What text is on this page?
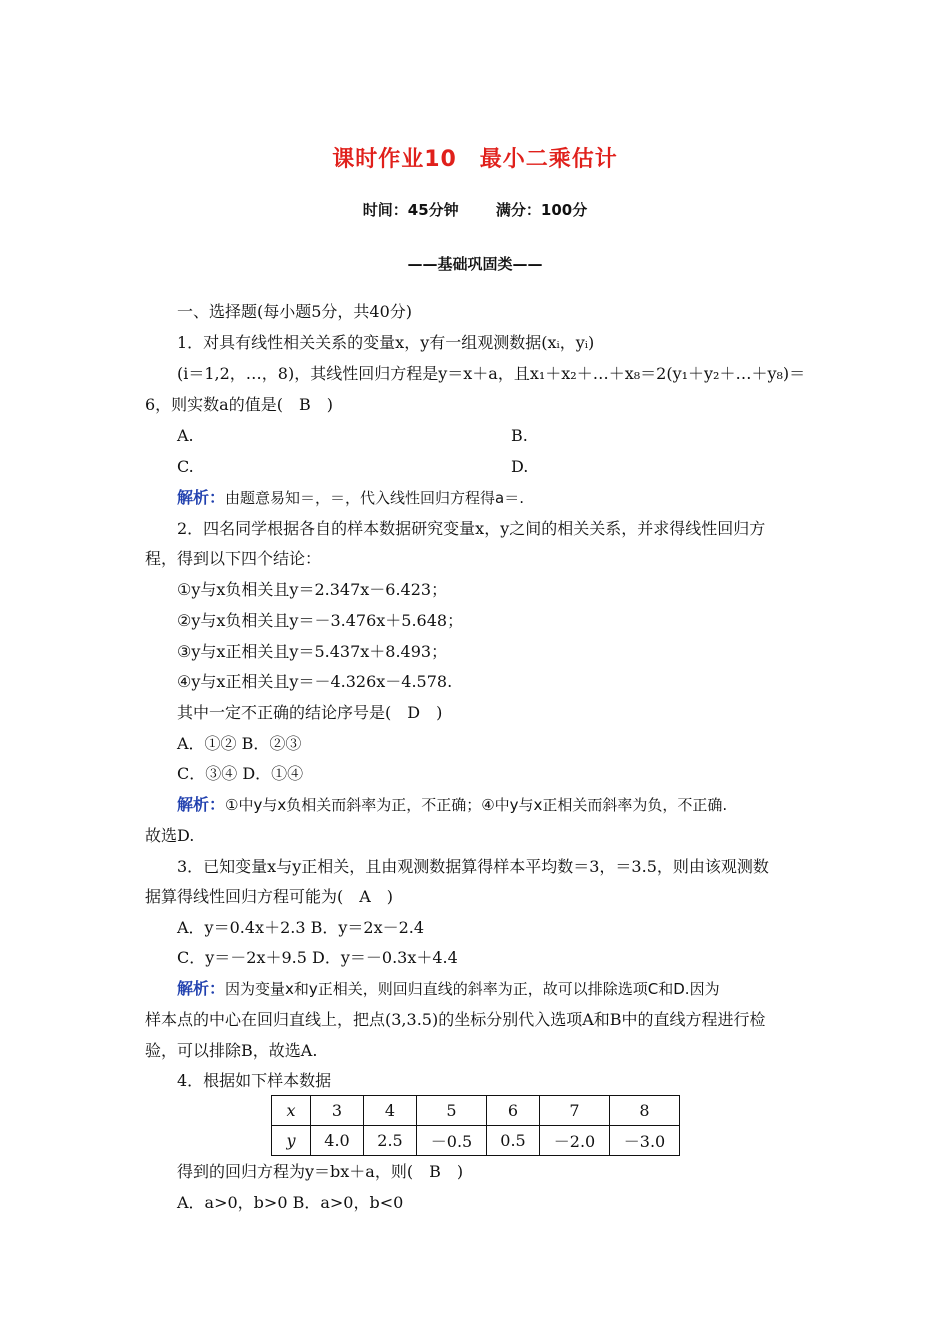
课时作业10　最小二乘估计
时间：45分钟 满分：100分
——基础巩固类——
一、选择题(每小题5分，共40分)
1．对具有线性相关关系的变量x，y有一组观测数据(xᵢ，yᵢ)
(i＝1,2，…，8)，其线性回归方程是y＝x＋a，且x₁＋x₂＋…＋x₈＝2(y₁＋y₂＋…＋y₈)＝
6，则实数a的值是(　B　)
A.	B.
C.	D.
解析：由题意易知＝，＝，代入线性回归方程得a＝.
2．四名同学根据各自的样本数据研究变量x，y之间的相关关系，并求得线性回归方
程，得到以下四个结论：
①y与x负相关且y＝2.347x－6.423；
②y与x负相关且y＝－3.476x＋5.648；
③y与x正相关且y＝5.437x＋8.493；
④y与x正相关且y＝－4.326x－4.578.
其中一定不正确的结论序号是(　D　)
A．①② B．②③
C．③④ D．①④
解析：①中y与x负相关而斜率为正，不正确；④中y与x正相关而斜率为负，不正确.
故选D.
3．已知变量x与y正相关，且由观测数据算得样本平均数＝3，＝3.5，则由该观测数
据算得线性回归方程可能为(　A　)
A．y＝0.4x＋2.3 B．y＝2x－2.4
C．y＝－2x＋9.5 D．y＝－0.3x＋4.4
解析：因为变量x和y正相关，则回归直线的斜率为正，故可以排除选项C和D.因为
样本点的中心在回归直线上，把点(3,3.5)的坐标分别代入选项A和B中的直线方程进行检
验，可以排除B，故选A.
4．根据如下样本数据
x	3	4	5	6	7	8
y	4.0	2.5	－0.5	0.5	－2.0	－3.0
得到的回归方程为y＝bx＋a，则(　B　)
A．a>0，b>0 B．a>0，b<0
